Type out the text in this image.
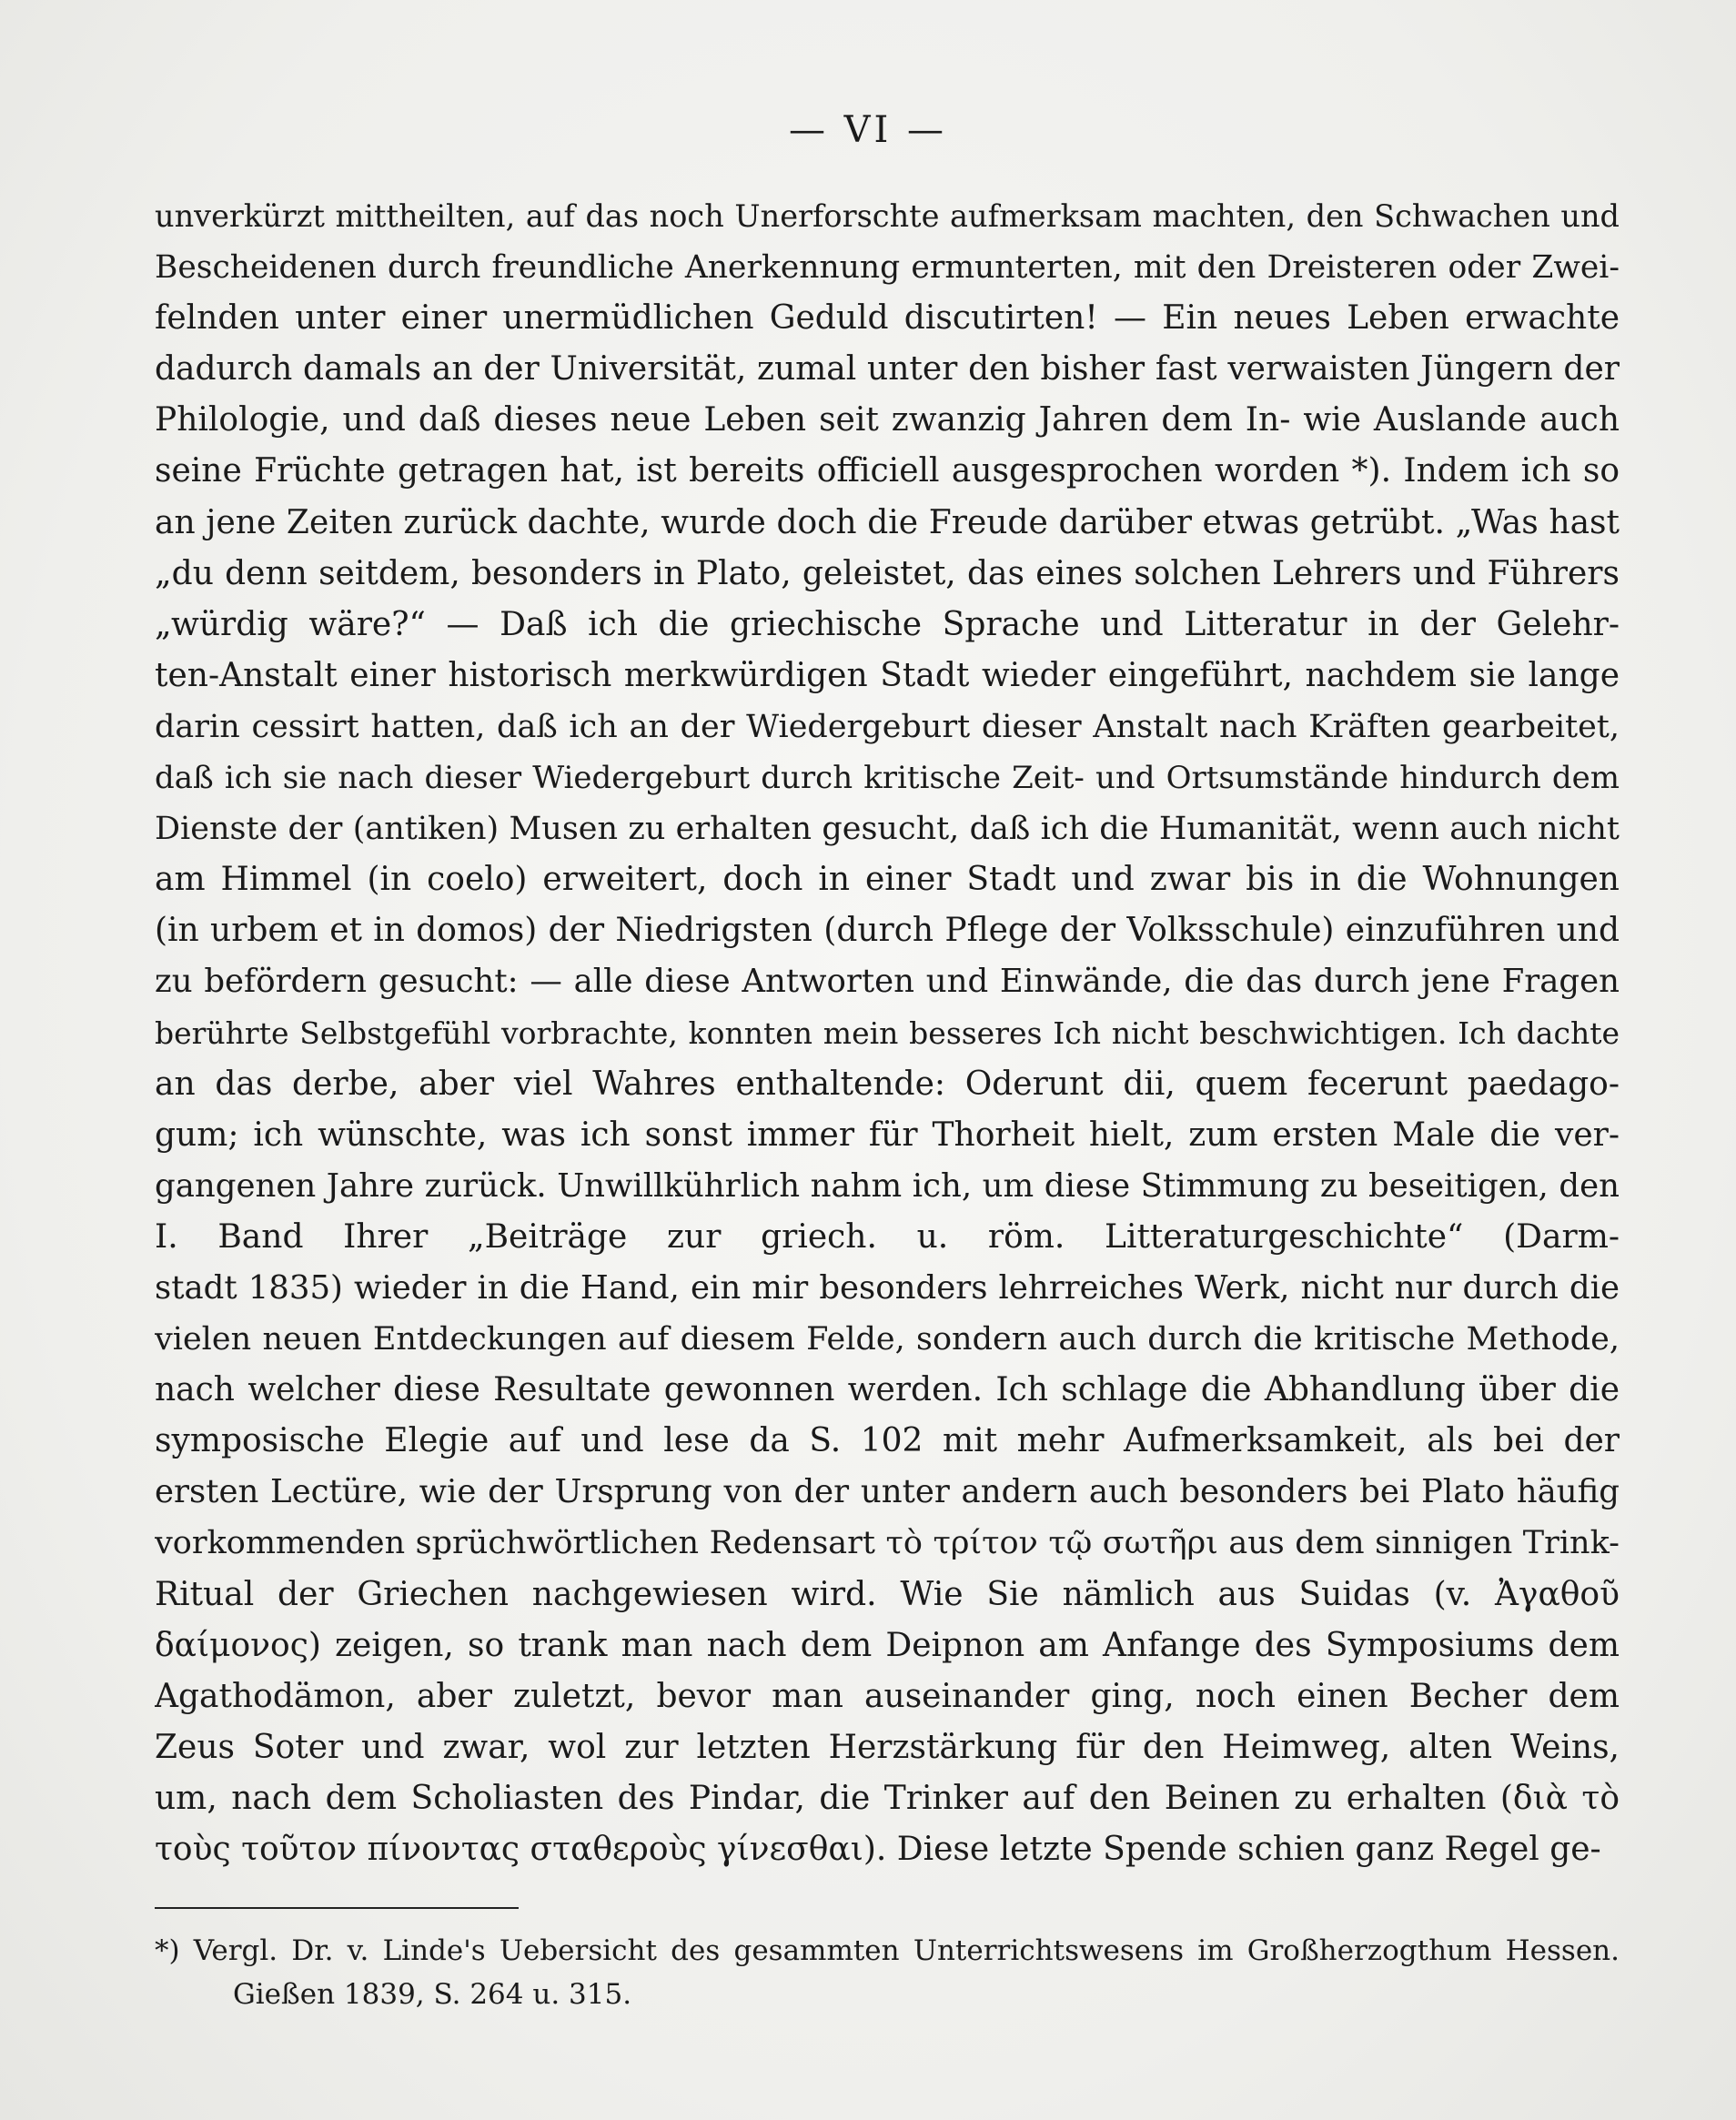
— VI —
unverkürzt mittheilten, auf das noch Unerforschte aufmerksam machten, den Schwachen und
Bescheidenen durch freundliche Anerkennung ermunterten, mit den Dreisteren oder Zwei-
felnden unter einer unermüdlichen Geduld discutirten! — Ein neues Leben erwachte
dadurch damals an der Universität, zumal unter den bisher fast verwaisten Jüngern der
Philologie, und daß dieses neue Leben seit zwanzig Jahren dem In- wie Auslande auch
seine Früchte getragen hat, ist bereits officiell ausgesprochen worden *). Indem ich so
an jene Zeiten zurück dachte, wurde doch die Freude darüber etwas getrübt. „Was hast
„du denn seitdem, besonders in Plato, geleistet, das eines solchen Lehrers und Führers
„würdig wäre?“ — Daß ich die griechische Sprache und Litteratur in der Gelehr-
ten-Anstalt einer historisch merkwürdigen Stadt wieder eingeführt, nachdem sie lange
darin cessirt hatten, daß ich an der Wiedergeburt dieser Anstalt nach Kräften gearbeitet,
daß ich sie nach dieser Wiedergeburt durch kritische Zeit- und Ortsumstände hindurch dem
Dienste der (antiken) Musen zu erhalten gesucht, daß ich die Humanität, wenn auch nicht
am Himmel (in coelo) erweitert, doch in einer Stadt und zwar bis in die Wohnungen
(in urbem et in domos) der Niedrigsten (durch Pflege der Volksschule) einzuführen und
zu befördern gesucht: — alle diese Antworten und Einwände, die das durch jene Fragen
berührte Selbstgefühl vorbrachte, konnten mein besseres Ich nicht beschwichtigen. Ich dachte
an das derbe, aber viel Wahres enthaltende: Oderunt dii, quem fecerunt paedago-
gum; ich wünschte, was ich sonst immer für Thorheit hielt, zum ersten Male die ver-
gangenen Jahre zurück. Unwillkührlich nahm ich, um diese Stimmung zu beseitigen, den
I. Band Ihrer „Beiträge zur griech. u. röm. Litteraturgeschichte“ (Darm-
stadt 1835) wieder in die Hand, ein mir besonders lehrreiches Werk, nicht nur durch die
vielen neuen Entdeckungen auf diesem Felde, sondern auch durch die kritische Methode,
nach welcher diese Resultate gewonnen werden. Ich schlage die Abhandlung über die
symposische Elegie auf und lese da S. 102 mit mehr Aufmerksamkeit, als bei der
ersten Lectüre, wie der Ursprung von der unter andern auch besonders bei Plato häufig
vorkommenden sprüchwörtlichen Redensart τὸ τρίτον τῷ σωτῆρι aus dem sinnigen Trink-
Ritual der Griechen nachgewiesen wird. Wie Sie nämlich aus Suidas (v. Ἀγαθοῦ
δαίμονος) zeigen, so trank man nach dem Deipnon am Anfange des Symposiums dem
Agathodämon, aber zuletzt, bevor man auseinander ging, noch einen Becher dem
Zeus Soter und zwar, wol zur letzten Herzstärkung für den Heimweg, alten Weins,
um, nach dem Scholiasten des Pindar, die Trinker auf den Beinen zu erhalten (διὰ τὸ
τοὺς τοῦτον πίνοντας σταθεροὺς γίνεσθαι). Diese letzte Spende schien ganz Regel ge-
*) Vergl. Dr. v. Linde's Uebersicht des gesammten Unterrichtswesens im Großherzogthum Hessen.
Gießen 1839, S. 264 u. 315.
